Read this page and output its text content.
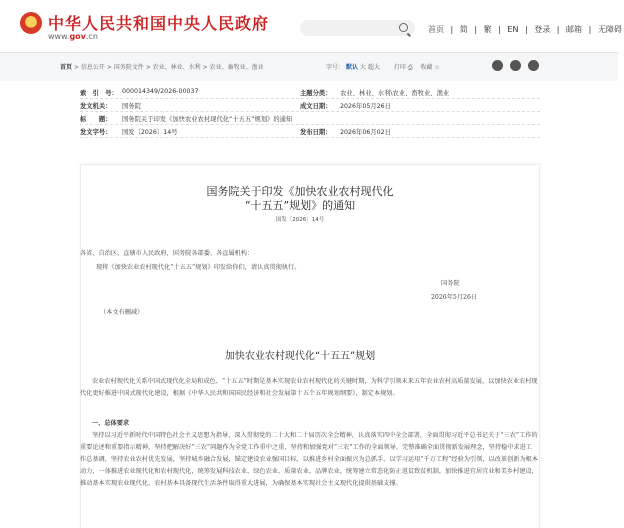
中华人民共和国中央人民政府
www.gov.cn
首页 | 简 | 繁 | EN | 登录 | 邮箱 | 无障碍
首页 > 信息公开 > 国务院文件 > 农业、林业、水利 > 农业、畜牧业、渔业	字号： 默认 大 超大 打印 ⎙ 收藏 ☆
索　引　号： 000014349/2026-00037	主题分类： 农业、林业、水利\农业、畜牧业、渔业
发文机关： 国务院	成文日期： 2026年05月26日
标　　题： 国务院关于印发《加快农业农村现代化“十五五”规划》的通知
发文字号： 国发〔2026〕14号	发布日期： 2026年06月02日
国务院关于印发《加快农业农村现代化
“十五五”规划》的通知
国发〔2026〕14号
各省、自治区、直辖市人民政府，国务院各部委、各直属机构：
现将《加快农业农村现代化“十五五”规划》印发给你们，请认真贯彻执行。
国务院
2026年5月26日
（本文有删减）
加快农业农村现代化“十五五”规划
农业农村现代化关系中国式现代化全局和成色。“十五五”时期是基本实现农业农村现代化的关键时期，为科学引领未来五年农业农村高质量发展，以加快农业农村现代化更好推进中国式现代化建设，根据《中华人民共和国国民经济和社会发展第十五个五年规划纲要》，制定本规划。
一、总体要求
坚持以习近平新时代中国特色社会主义思想为指导，深入贯彻党的二十大和二十届历次全会精神，认真落实四中全会部署，全面贯彻习近平总书记关于“三农”工作的重要论述和重要指示精神，坚持把解决好“三农”问题作为全党工作重中之重，坚持和加强党对“三农”工作的全面领导，完整准确全面贯彻新发展理念，坚持稳中求进工作总基调，坚持农业农村优先发展，坚持城乡融合发展，锚定建设农业强国目标，以推进乡村全面振兴为总抓手，以学习运用“千万工程”经验为引领，以改革创新为根本动力，一体推进农业现代化和农村现代化，统筹发展科技农业、绿色农业、质量农业、品牌农业，统筹建立常态化防止返贫致贫机制，加快推进宜居宜业和美乡村建设，推动基本实现农业现代化、农村基本具备现代生活条件取得重大进展，为确保基本实现社会主义现代化提供基础支撑。
